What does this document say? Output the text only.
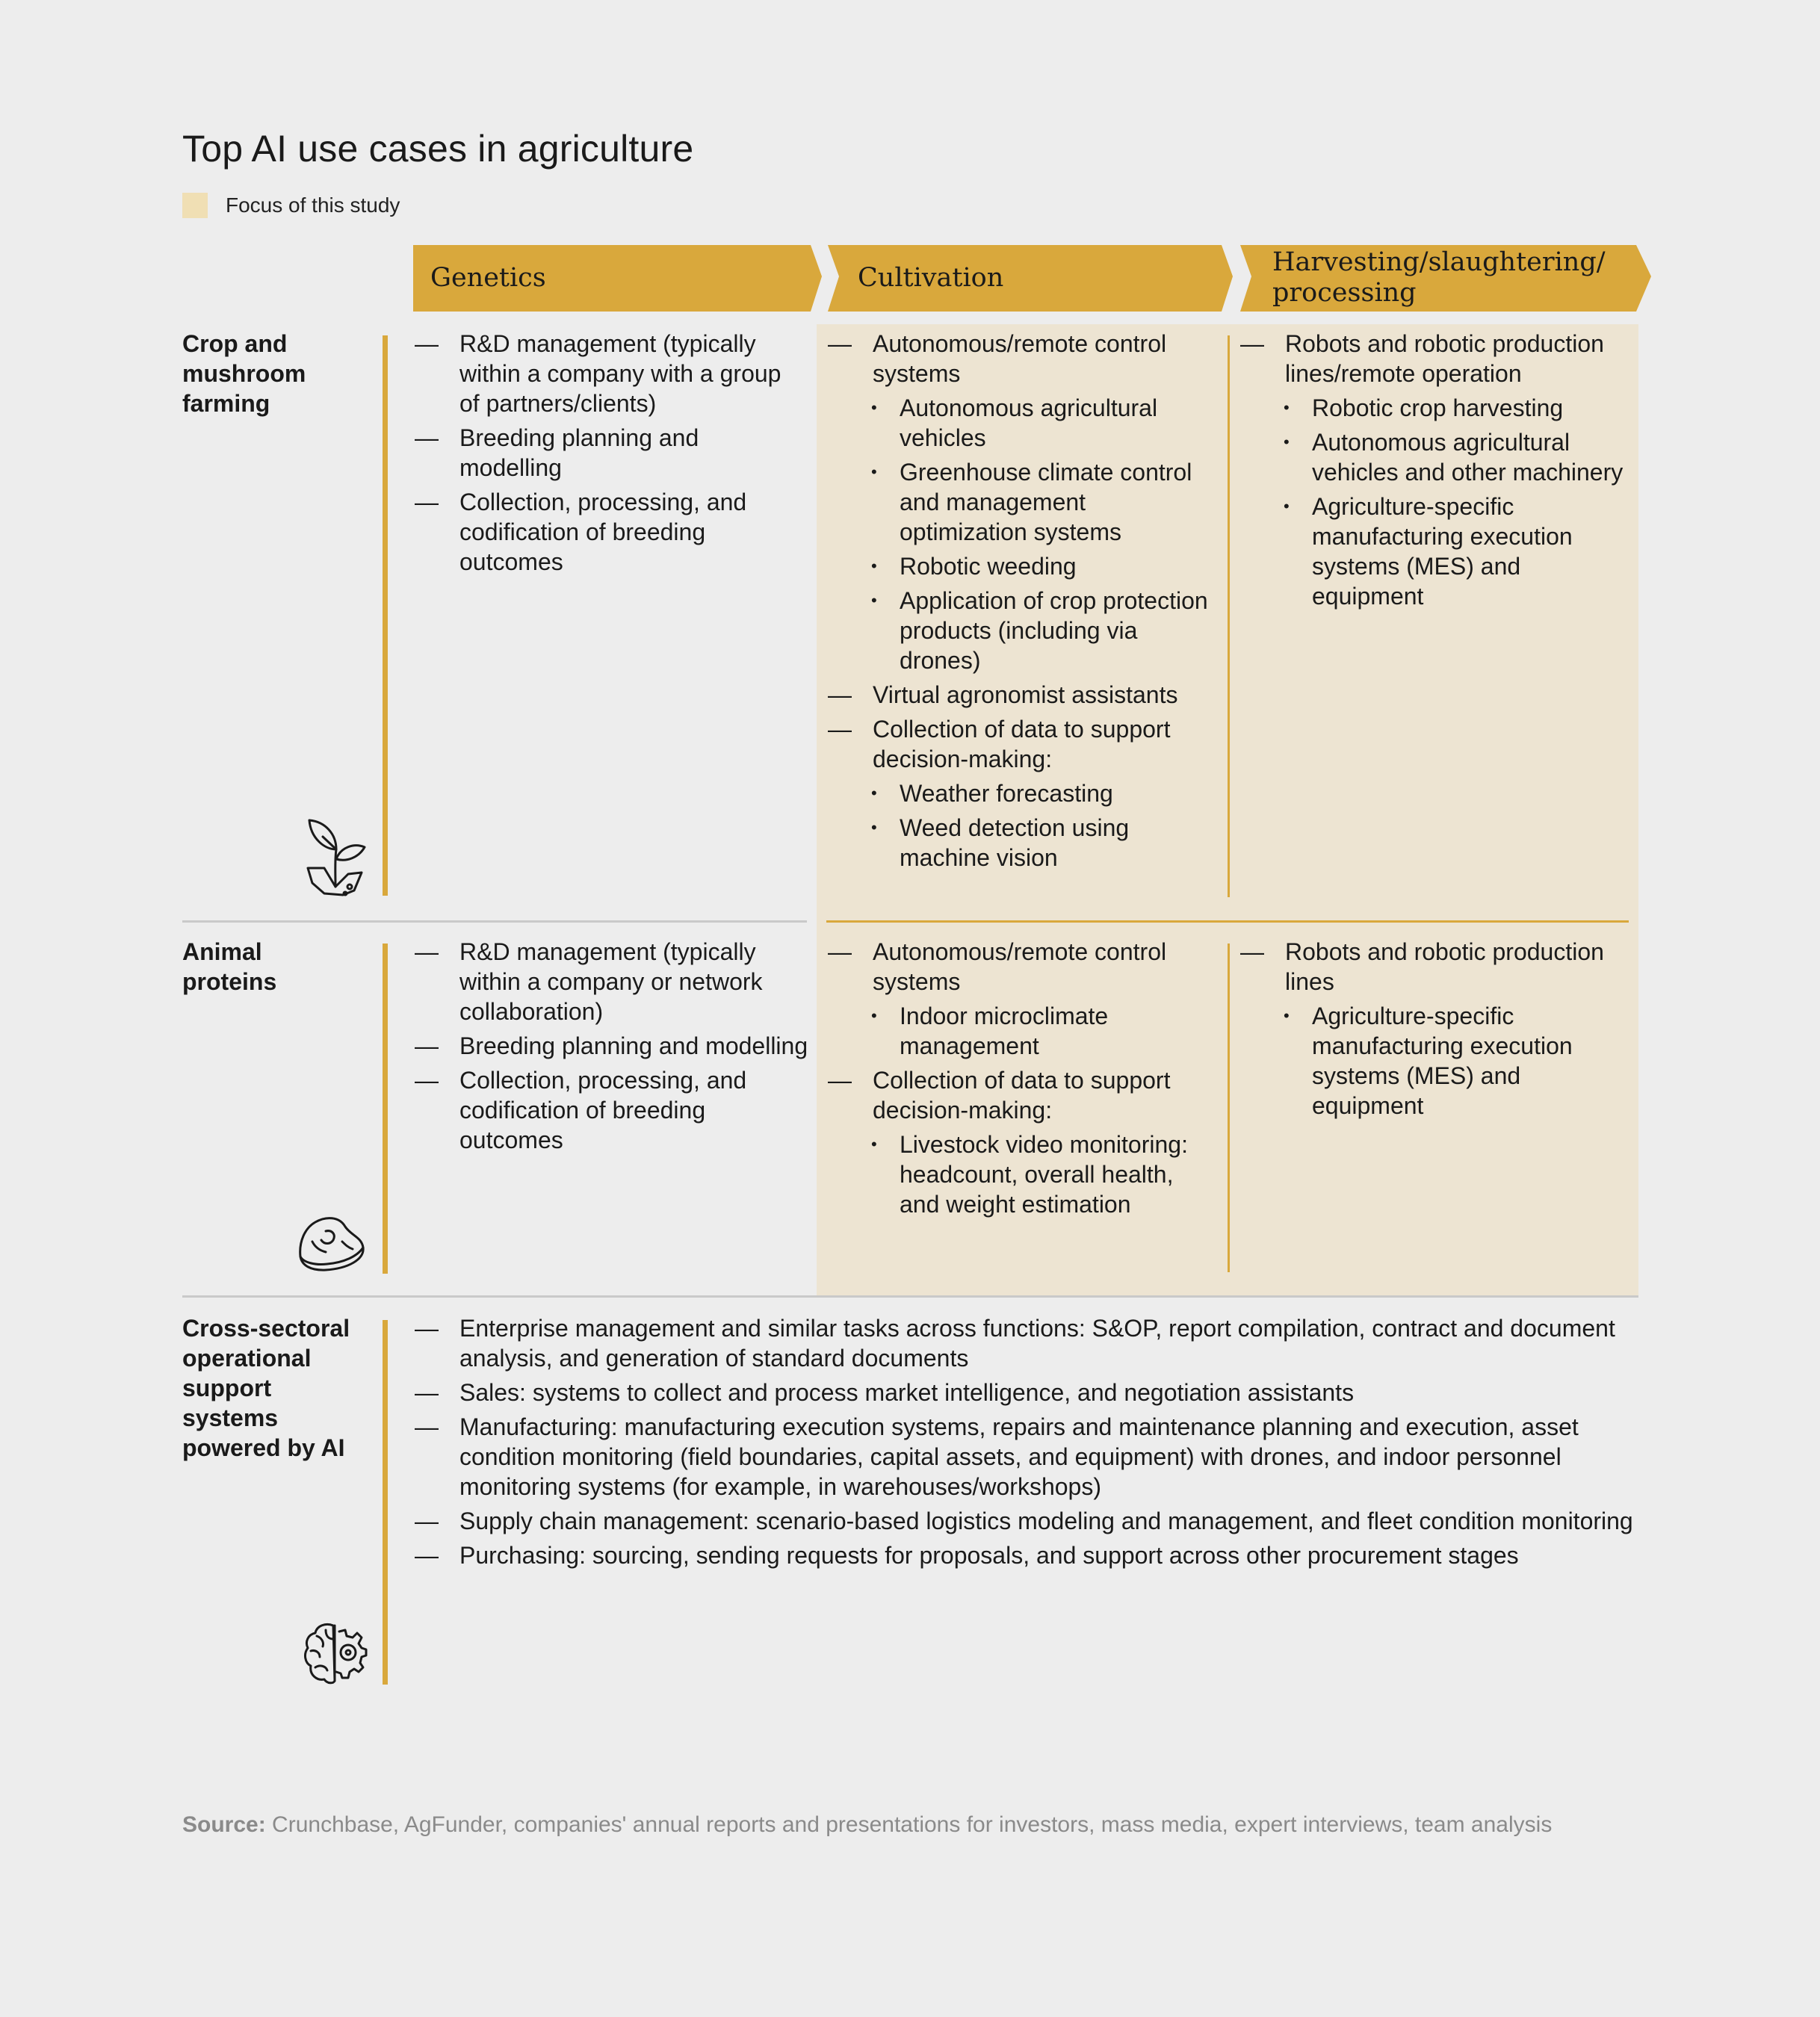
Top AI use cases in agriculture
Focus of this study
Genetics	Cultivation
Harvesting/slaughtering/
processing
Crop and mushroom farming
— R&D management (typically within a company with a group of partners/clients)
— Breeding planning and modelling
— Collection, processing, and codification of breeding outcomes
— Autonomous/remote control systems
• Autonomous agricultural vehicles
• Greenhouse climate control and management optimization systems
• Robotic weeding
• Application of crop protection products (including via drones)
— Virtual agronomist assistants
— Collection of data to support decision-making:
• Weather forecasting
• Weed detection using machine vision
— Robots and robotic production lines/remote operation
• Robotic crop harvesting
• Autonomous agricultural vehicles and other machinery
• Agriculture-specific manufacturing execution systems (MES) and equipment
Animal proteins
— R&D management (typically within a company or network collaboration)
— Breeding planning and modelling
— Collection, processing, and codification of breeding outcomes
— Autonomous/remote control systems
• Indoor microclimate management
— Collection of data to support decision-making:
• Livestock video monitoring: headcount, overall health, and weight estimation
— Robots and robotic production lines
• Agriculture-specific manufacturing execution systems (MES) and equipment
Cross-sectoral operational support systems powered by AI
— Enterprise management and similar tasks across functions: S&OP, report compilation, contract and document analysis, and generation of standard documents
— Sales: systems to collect and process market intelligence, and negotiation assistants
— Manufacturing: manufacturing execution systems, repairs and maintenance planning and execution, asset condition monitoring (field boundaries, capital assets, and equipment) with drones, and indoor personnel monitoring systems (for example, in warehouses/workshops)
— Supply chain management: scenario-based logistics modeling and management, and fleet condition monitoring
— Purchasing: sourcing, sending requests for proposals, and support across other procurement stages
Source: Crunchbase, AgFunder, companies' annual reports and presentations for investors, mass media, expert interviews, team analysis
